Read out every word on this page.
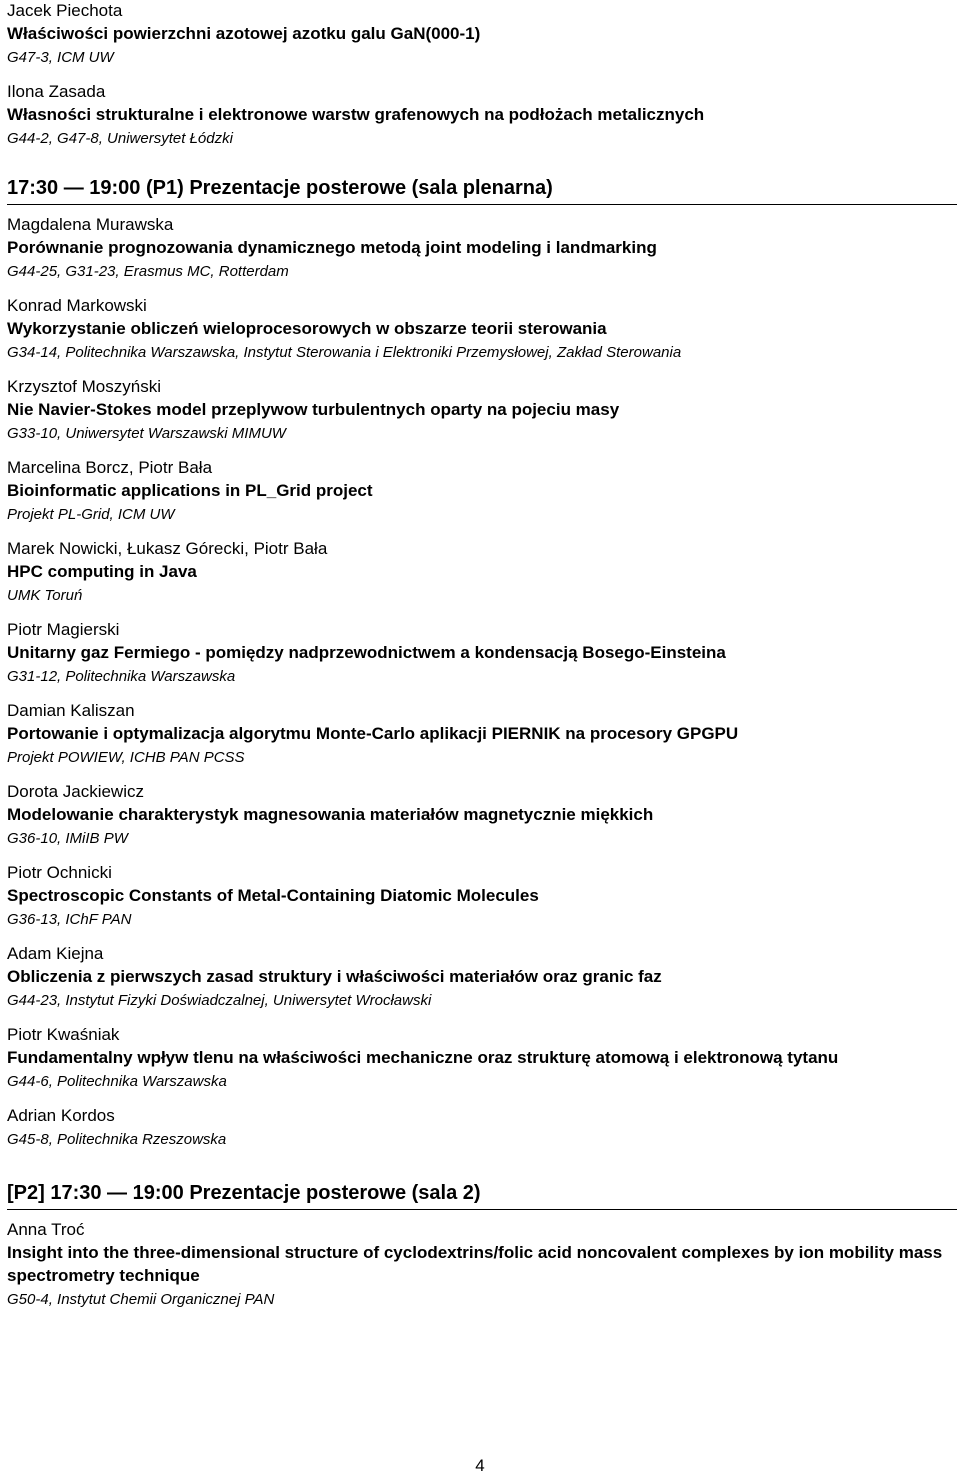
Jacek Piechota
Właściwości powierzchni azotowej azotku galu GaN(000-1)
G47-3, ICM UW
Ilona Zasada
Własności strukturalne i elektronowe warstw grafenowych na podłożach metalicznych
G44-2, G47-8, Uniwersytet Łódzki
17:30 — 19:00 (P1) Prezentacje posterowe (sala plenarna)
Magdalena Murawska
Porównanie prognozowania dynamicznego metodą joint modeling i landmarking
G44-25, G31-23, Erasmus MC, Rotterdam
Konrad Markowski
Wykorzystanie obliczeń wieloprocesorowych w obszarze teorii sterowania
G34-14, Politechnika Warszawska, Instytut Sterowania i Elektroniki Przemysłowej, Zakład Sterowania
Krzysztof Moszyński
Nie Navier-Stokes model przeplywow turbulentnych oparty na pojeciu masy
G33-10, Uniwersytet Warszawski MIMUW
Marcelina Borcz, Piotr Bała
Bioinformatic applications in PL_Grid project
Projekt PL-Grid, ICM UW
Marek Nowicki, Łukasz Górecki, Piotr Bała
HPC computing in Java
UMK Toruń
Piotr Magierski
Unitarny gaz Fermiego - pomiędzy nadprzewodnictwem a kondensacją Bosego-Einsteina
G31-12, Politechnika Warszawska
Damian Kaliszan
Portowanie i optymalizacja algorytmu Monte-Carlo aplikacji PIERNIK na procesory GPGPU
Projekt POWIEW, ICHB PAN PCSS
Dorota Jackiewicz
Modelowanie charakterystyk magnesowania materiałów magnetycznie miękkich
G36-10, IMiIB PW
Piotr Ochnicki
Spectroscopic Constants of Metal-Containing Diatomic Molecules
G36-13, IChF PAN
Adam Kiejna
Obliczenia z pierwszych zasad struktury i właściwości materiałów oraz granic faz
G44-23, Instytut Fizyki Doświadczalnej, Uniwersytet Wrocławski
Piotr Kwaśniak
Fundamentalny wpływ tlenu na właściwości mechaniczne oraz strukturę atomową i elektronową tytanu
G44-6, Politechnika Warszawska
Adrian Kordos
G45-8, Politechnika Rzeszowska
[P2] 17:30 — 19:00 Prezentacje posterowe (sala 2)
Anna Troć
Insight into the three-dimensional structure of cyclodextrins/folic acid noncovalent complexes by ion mobility mass spectrometry technique
G50-4, Instytut Chemii Organicznej PAN
4
